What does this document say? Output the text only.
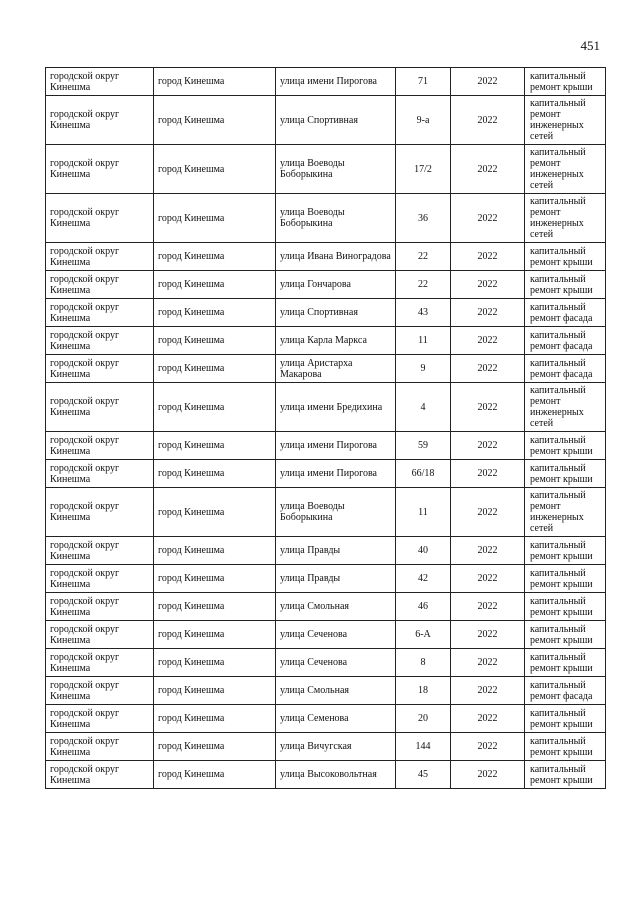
451
городской округ Кинешма	город Кинешма	улица имени Пирогова	71	2022	капитальный ремонт крыши
городской округ Кинешма	город Кинешма	улица Спортивная	9-а	2022	капитальный ремонт инженерных сетей
городской округ Кинешма	город Кинешма	улица Воеводы Боборыкина	17/2	2022	капитальный ремонт инженерных сетей
городской округ Кинешма	город Кинешма	улица Воеводы Боборыкина	36	2022	капитальный ремонт инженерных сетей
городской округ Кинешма	город Кинешма	улица Ивана Виноградова	22	2022	капитальный ремонт крыши
городской округ Кинешма	город Кинешма	улица Гончарова	22	2022	капитальный ремонт крыши
городской округ Кинешма	город Кинешма	улица Спортивная	43	2022	капитальный ремонт фасада
городской округ Кинешма	город Кинешма	улица Карла Маркса	11	2022	капитальный ремонт фасада
городской округ Кинешма	город Кинешма	улица Аристарха Макарова	9	2022	капитальный ремонт фасада
городской округ Кинешма	город Кинешма	улица имени Бредихина	4	2022	капитальный ремонт инженерных сетей
городской округ Кинешма	город Кинешма	улица имени Пирогова	59	2022	капитальный ремонт крыши
городской округ Кинешма	город Кинешма	улица имени Пирогова	66/18	2022	капитальный ремонт крыши
городской округ Кинешма	город Кинешма	улица Воеводы Боборыкина	11	2022	капитальный ремонт инженерных сетей
городской округ Кинешма	город Кинешма	улица Правды	40	2022	капитальный ремонт крыши
городской округ Кинешма	город Кинешма	улица Правды	42	2022	капитальный ремонт крыши
городской округ Кинешма	город Кинешма	улица Смольная	46	2022	капитальный ремонт крыши
городской округ Кинешма	город Кинешма	улица Сеченова	6-А	2022	капитальный ремонт крыши
городской округ Кинешма	город Кинешма	улица Сеченова	8	2022	капитальный ремонт крыши
городской округ Кинешма	город Кинешма	улица Смольная	18	2022	капитальный ремонт фасада
городской округ Кинешма	город Кинешма	улица Семенова	20	2022	капитальный ремонт крыши
городской округ Кинешма	город Кинешма	улица Вичугская	144	2022	капитальный ремонт крыши
городской округ Кинешма	город Кинешма	улица Высоковольтная	45	2022	капитальный ремонт крыши
